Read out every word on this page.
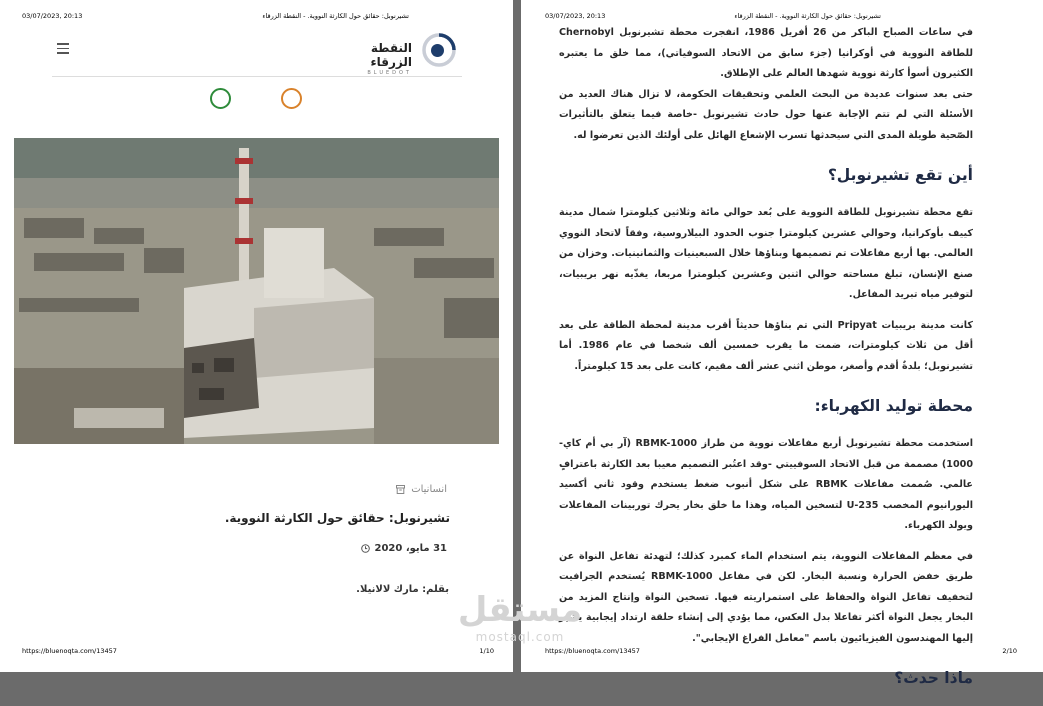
03/07/2023, 20:13	تشيرنوبل: حقائق حول الكارثة النووية. - النقطة الزرقاء
النقطة الزرقاء
BLUEDOT
انسانيات
تشيرنوبل: حقائق حول الكارثة النووية.
31 مايو، 2020
بقلم: مارك لالانيلا.
https://bluenoqta.com/13457	1/10
03/07/2023, 20:13	تشيرنوبل: حقائق حول الكارثة النووية. - النقطة الزرقاء

في ساعات الصباح الباكر من 26 أفريل 1986، انفجرت محطة تشيرنوبل Chernobyl للطاقة النووية في أوكرانيا (جزء سابق من الاتحاد السوفياتي)، مما خلق ما يعتبره الكثيرون أسوأ كارثة نووية شهدها العالم على الإطلاق.

حتى بعد سنوات عديدة من البحث العلمي وتحقيقات الحكومة، لا تزال هناك العديد من الأسئلة التي لم تتم الإجابة عنها حول حادث تشيرنوبل -خاصة فيما يتعلق بالتأثيرات الصّحية طويلة المدى التي سيحدثها تسرب الإشعاع الهائل على أولئك الذين تعرضوا له.

أين تقع تشيرنوبل؟

تقع محطة تشيرنوبل للطاقة النووية على بُعد حوالي مائة وثلاثين كيلومترا شمال مدينة كييف بأوكرانيا، وحوالي عشرين كيلومترا جنوب الحدود البيلاروسية، وفقاً لاتحاد النووي العالمي. بها أربع مفاعلات تم تصميمها وبناؤها خلال السبعينيات والثمانينيات. وخزان من صنع الإنسان، تبلغ مساحته حوالي اثنين وعشرين كيلومترا مربعا، يغذّيه نهر بريبيات، لتوفير مياه تبريد المفاعل.

كانت مدينة بريبيات Pripyat التي تم بناؤها حديثاً أقرب مدينة لمحطة الطاقة على بعد أقل من ثلاث كيلومترات، ضمت ما يقرب خمسين ألف شخصا في عام 1986. أما تشيرنوبل؛ بلدةٌ أقدم وأصغر، موطن اثني عشر ألف مقيم، كانت على بعد 15 كيلومتراً.

محطة توليد الكهرباء:

استخدمت محطة تشيرنوبل أربع مفاعلات نووية من طراز RBMK-1000 (آر بي أم كاي- 1000) مصممة من قبل الاتحاد السوفييتي -وقد اعتُبر التصميم معيبا بعد الكارثة باعترافٍ عالمي. صُممت مفاعلات RBMK على شكل أنبوب ضغط يستخدم وقود ثاني أكسيد اليورانيوم المخصب U-235 لتسخين المياه، وهذا ما خلق بخار يحرك توربينات المفاعلات ويولد الكهرباء.

في معظم المفاعلات النووية، يتم استخدام الماء كمبرد كذلك؛ لتهدئة تفاعل النواة عن طريق خفض الحرارة ونسبة البخار. لكن في مفاعل RBMK-1000 يُستخدم الجرافيت لتخفيف تفاعل النواة والحفاظ على استمراريته فيها. تسخين النواة وإنتاج المزيد من البخار يجعل النواة أكثر تفاعلا بدل العكس، مما يؤدي إلى إنشاء حلقة ارتداد إيجابية يشير إليها المهندسون الفيزيائيون باسم "معامل الفراغ الإيجابي".

ماذا حدث؟
مستقل
mostaql.com
https://bluenoqta.com/13457	2/10
